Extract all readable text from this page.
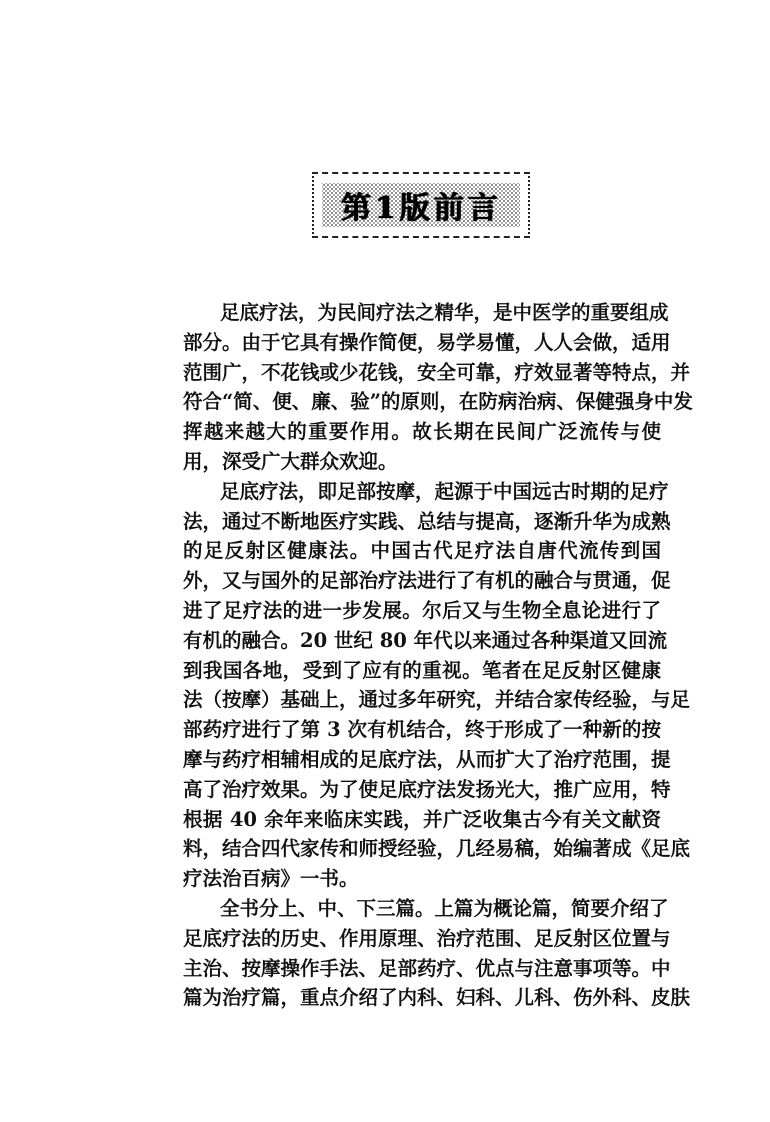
第1版前言
足底疗法，为民间疗法之精华，是中医学的重要组成
部分。由于它具有操作简便，易学易懂，人人会做，适用
范围广，不花钱或少花钱，安全可靠，疗效显著等特点，并
符合“简、便、廉、验”的原则，在防病治病、保健强身中发
挥越来越大的重要作用。故长期在民间广泛流传与使
用，深受广大群众欢迎。
足底疗法，即足部按摩，起源于中国远古时期的足疗
法，通过不断地医疗实践、总结与提高，逐渐升华为成熟
的足反射区健康法。中国古代足疗法自唐代流传到国
外，又与国外的足部治疗法进行了有机的融合与贯通，促
进了足疗法的进一步发展。尔后又与生物全息论进行了
有机的融合。20 世纪 80 年代以来通过各种渠道又回流
到我国各地，受到了应有的重视。笔者在足反射区健康
法（按摩）基础上，通过多年研究，并结合家传经验，与足
部药疗进行了第 3 次有机结合，终于形成了一种新的按
摩与药疗相辅相成的足底疗法，从而扩大了治疗范围，提
高了治疗效果。为了使足底疗法发扬光大，推广应用，特
根据 40 余年来临床实践，并广泛收集古今有关文献资
料，结合四代家传和师授经验，几经易稿，始编著成《足底
疗法治百病》一书。
全书分上、中、下三篇。上篇为概论篇，简要介绍了
足底疗法的历史、作用原理、治疗范围、足反射区位置与
主治、按摩操作手法、足部药疗、优点与注意事项等。中
篇为治疗篇，重点介绍了内科、妇科、儿科、伤外科、皮肤
